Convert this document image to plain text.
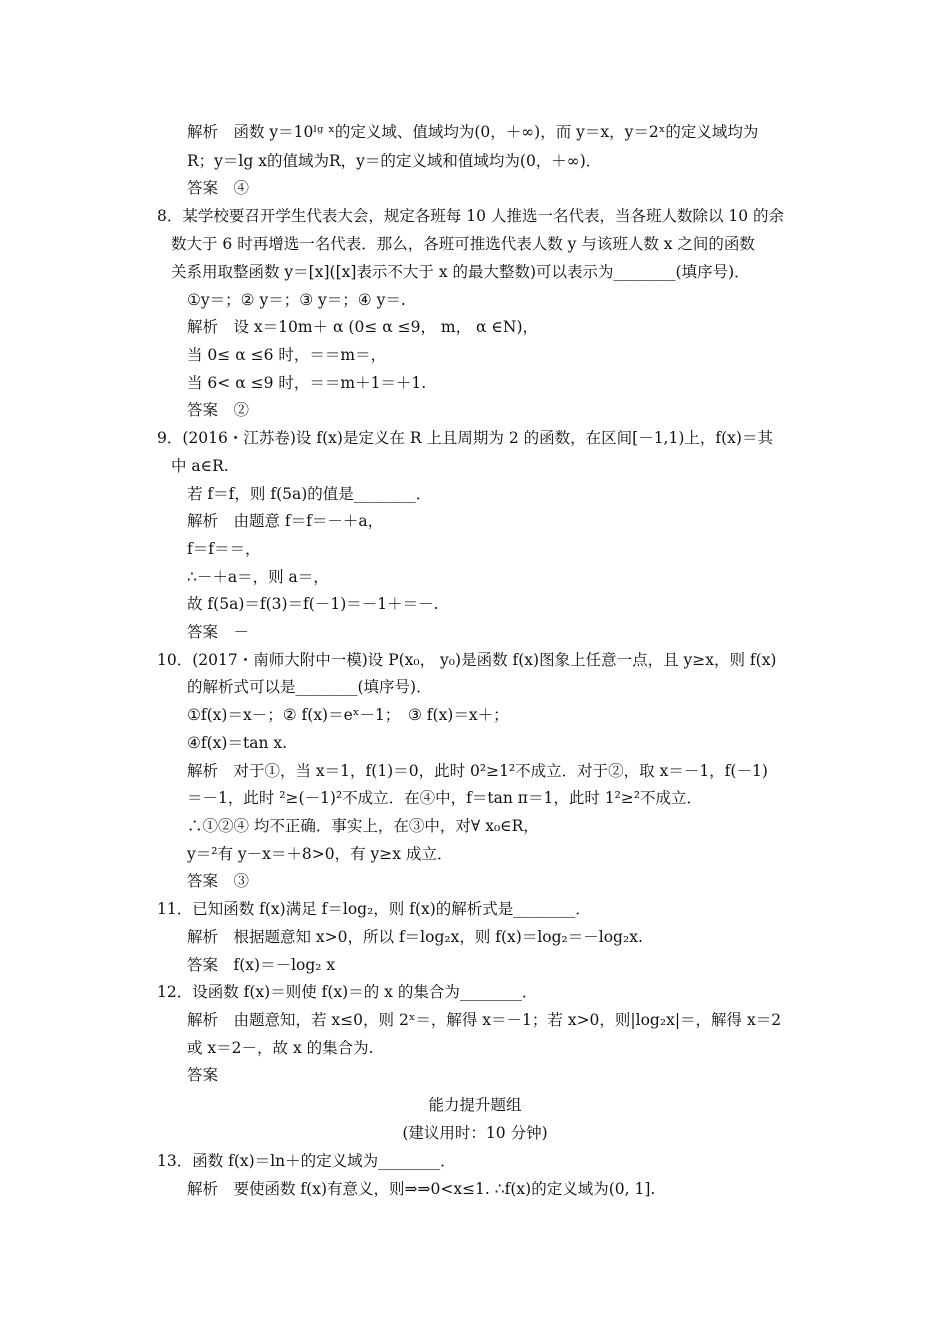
解析　函数 y＝10ˡᵍ ˣ的定义域、值域均为(0，＋∞)，而 y＝x，y＝2ˣ的定义域均为
R；y＝lg x的值域为R，y＝的定义域和值域均为(0，＋∞)．
答案　④
8．某学校要召开学生代表大会，规定各班每 10 人推选一名代表，当各班人数除以 10 的余
数大于 6 时再增选一名代表．那么，各班可推选代表人数 y 与该班人数 x 之间的函数
关系用取整函数 y＝[x]([x]表示不大于 x 的最大整数)可以表示为________(填序号)．
①y＝；② y＝；③ y＝；④ y＝.
解析　设 x＝10m＋ α (0≤ α ≤9， m， α ∈N)，
当 0≤ α ≤6 时，＝＝m＝，
当 6< α ≤9 时，＝＝m＋1＝＋1.
答案　②
9．(2016・江苏卷)设 f(x)是定义在 R 上且周期为 2 的函数，在区间[－1,1)上，f(x)＝其
中 a∈R.
若 f＝f，则 f(5a)的值是________．
解析　由题意 f＝f＝－＋a，
f＝f＝＝，
∴－＋a＝，则 a＝，
故 f(5a)＝f(3)＝f(－1)＝－1＋＝－.
答案　－
10．(2017・南师大附中一模)设 P(x₀， y₀)是函数 f(x)图象上任意一点，且 y≥x，则 f(x)
的解析式可以是________(填序号)．
①f(x)＝x－；② f(x)＝eˣ－1；　③ f(x)＝x＋；
④f(x)＝tan x.
解析　对于①，当 x＝1，f(1)＝0，此时 0²≥1²不成立．对于②，取 x＝－1，f(－1)
＝－1，此时 ²≥(－1)²不成立．在④中，f＝tan π＝1，此时 1²≥²不成立．
∴①②④ 均不正确．事实上，在③中，对∀ x₀∈R，
y＝²有 y－x＝＋8>0，有 y≥x 成立．
答案　③
11．已知函数 f(x)满足 f＝log₂，则 f(x)的解析式是________．
解析　根据题意知 x>0，所以 f＝log₂x，则 f(x)＝log₂＝－log₂x.
答案　f(x)＝－log₂ x
12．设函数 f(x)＝则使 f(x)＝的 x 的集合为________．
解析　由题意知，若 x≤0，则 2ˣ＝，解得 x＝－1；若 x>0，则|log₂x|＝，解得 x＝2
或 x＝2－，故 x 的集合为.
答案
能力提升题组
(建议用时：10 分钟)
13．函数 f(x)＝ln＋的定义域为________．
解析　要使函数 f(x)有意义，则⇒⇒0<x≤1. ∴f(x)的定义域为(0, 1].
